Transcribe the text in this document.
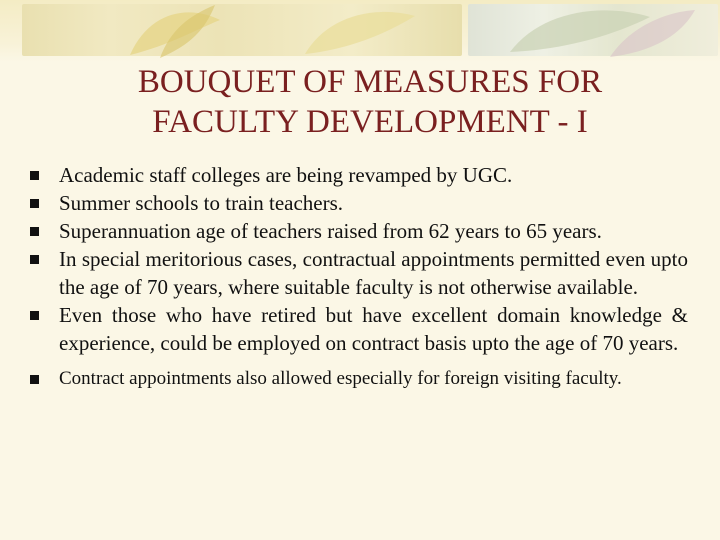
BOUQUET OF MEASURES FOR
FACULTY DEVELOPMENT - I
Academic staff colleges are being revamped by UGC.
Summer schools to train teachers.
Superannuation age of teachers raised from 62 years to 65 years.
In special meritorious cases, contractual appointments permitted even upto the age of 70 years, where suitable faculty is not otherwise available.
Even those who have retired but have excellent domain knowledge & experience, could be employed on contract basis upto the age of 70 years.
Contract appointments also allowed especially for foreign visiting faculty.
